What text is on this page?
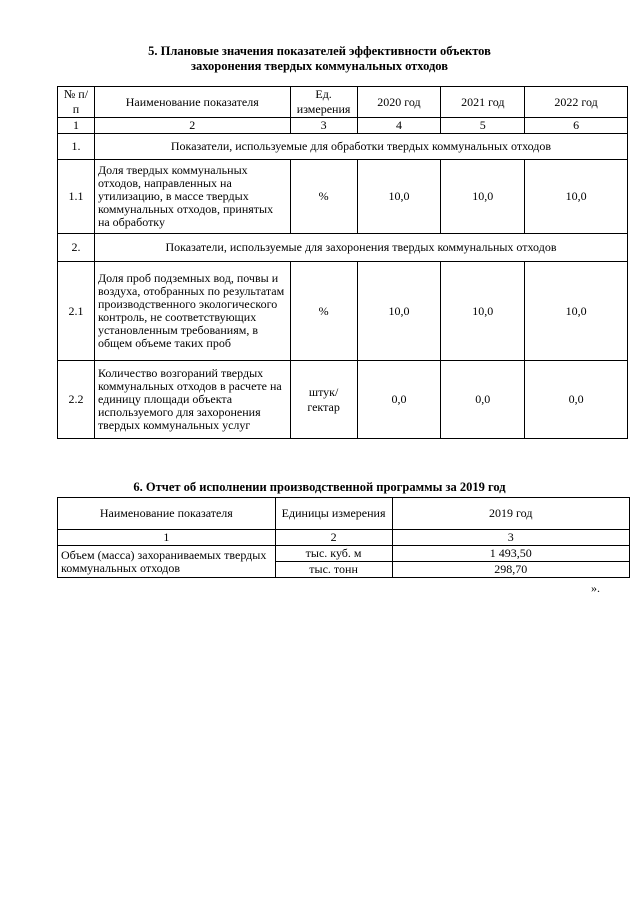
5. Плановые значения показателей эффективности объектов
захоронения твердых коммунальных отходов
№ п/п	Наименование показателя	Ед. измерения	2020 год	2021 год	2022 год
1	2	3	4	5	6
1.	Показатели, используемые для обработки твердых коммунальных отходов				
1.1	Доля твердых коммунальных отходов, направленных на утилизацию, в массе твердых коммунальных отходов, принятых на обработку	%	10,0	10,0	10,0
2.	Показатели, используемые для захоронения твердых коммунальных отходов				
2.1	Доля проб подземных вод, почвы и воздуха, отобранных по результатам производственного экологического контроль, не соответствующих установленным требованиям, в общем объеме таких проб	%	10,0	10,0	10,0
2.2	Количество возгораний твердых коммунальных отходов в расчете на единицу площади объекта используемого для захоронения твердых коммунальных услуг	штук/ гектар	0,0	0,0	0,0
6. Отчет об исполнении производственной программы за 2019 год
Наименование показателя	Единицы измерения	2019 год
1	2	3
Объем (масса) захораниваемых твердых коммунальных отходов	тыс. куб. м	1 493,50
	тыс. тонн	298,70
».
